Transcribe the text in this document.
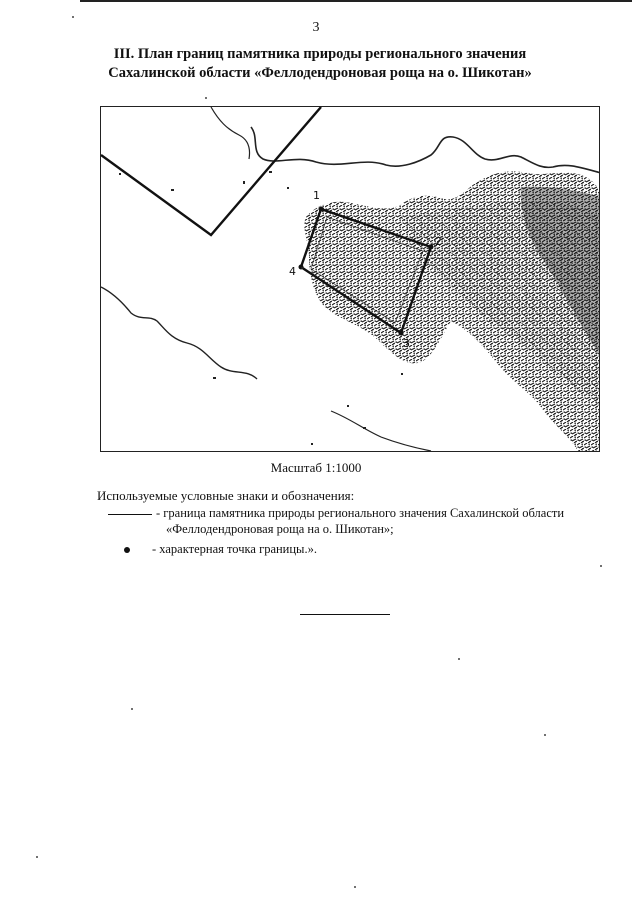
3
III. План границ памятника природы регионального значения
Сахалинской области «Феллодендроновая роща на о. Шикотан»
1
2
3
4
Масштаб 1:1000
Используемые условные знаки и обозначения:
- граница памятника природы регионального значения Сахалинской области
«Феллодендроновая роща на о. Шикотан»;
- характерная точка границы.».
